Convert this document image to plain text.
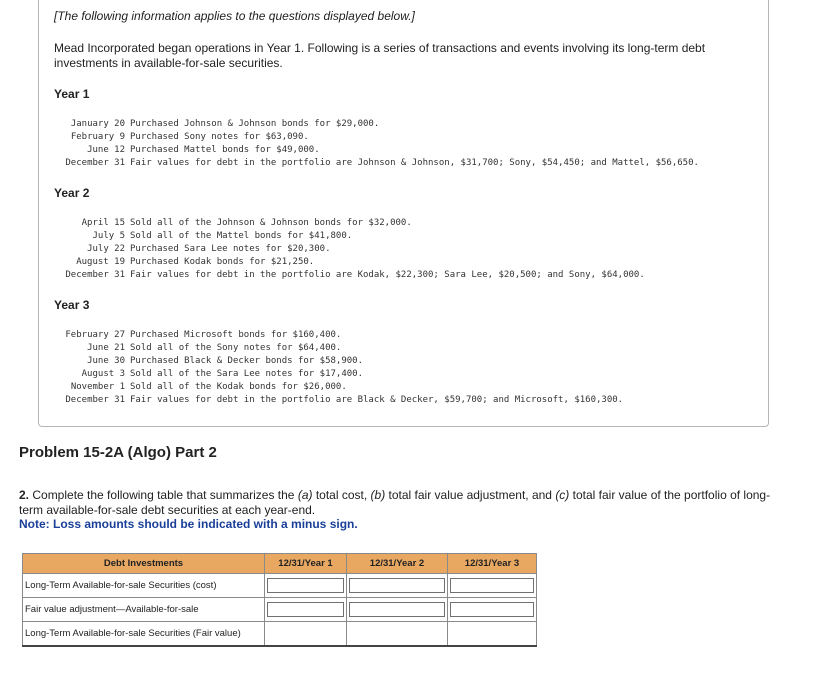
[The following information applies to the questions displayed below.]
Mead Incorporated began operations in Year 1. Following is a series of transactions and events involving its long-term debt investments in available-for-sale securities.
Year 1
January 20	Purchased Johnson & Johnson bonds for $29,000.
February 9	Purchased Sony notes for $63,090.
June 12	Purchased Mattel bonds for $49,000.
December 31	Fair values for debt in the portfolio are Johnson & Johnson, $31,700; Sony, $54,450; and Mattel, $56,650.
Year 2
April 15	Sold all of the Johnson & Johnson bonds for $32,000.
July 5	Sold all of the Mattel bonds for $41,800.
July 22	Purchased Sara Lee notes for $20,300.
August 19	Purchased Kodak bonds for $21,250.
December 31	Fair values for debt in the portfolio are Kodak, $22,300; Sara Lee, $20,500; and Sony, $64,000.
Year 3
February 27	Purchased Microsoft bonds for $160,400.
June 21	Sold all of the Sony notes for $64,400.
June 30	Purchased Black & Decker bonds for $58,900.
August 3	Sold all of the Sara Lee notes for $17,400.
November 1	Sold all of the Kodak bonds for $26,000.
December 31	Fair values for debt in the portfolio are Black & Decker, $59,700; and Microsoft, $160,300.
Problem 15-2A (Algo) Part 2
2. Complete the following table that summarizes the (a) total cost, (b) total fair value adjustment, and (c) total fair value of the portfolio of long-term available-for-sale debt securities at each year-end.
Note: Loss amounts should be indicated with a minus sign.
Debt Investments	12/31/Year 1	12/31/Year 2	12/31/Year 3
Long-Term Available-for-sale Securities (cost)	

Fair value adjustment—Available-for-sale	

Long-Term Available-for-sale Securities (Fair value)			
